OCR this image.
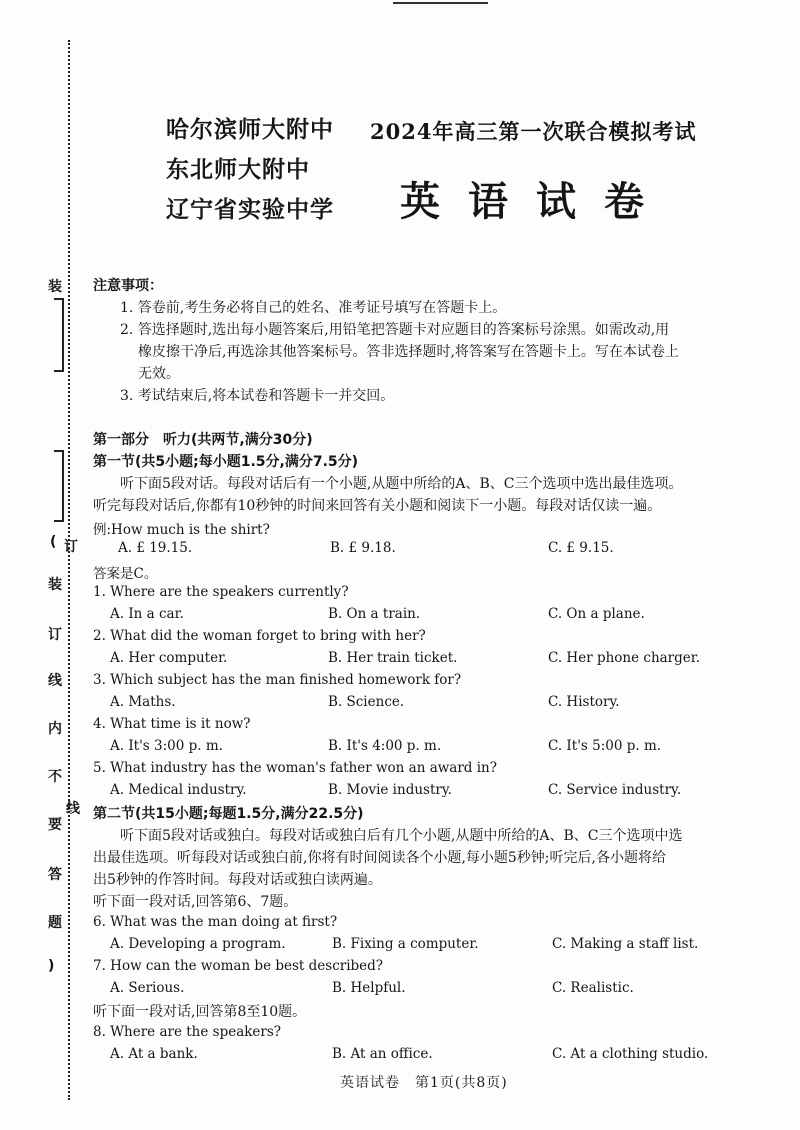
装
( 订
装
订
线
内
不
线
要
答
题
)
哈尔滨师大附中
东北师大附中
辽宁省实验中学
2024年高三第一次联合模拟考试
英语试卷
注意事项：
1. 答卷前,考生务必将自己的姓名、准考证号填写在答题卡上。
2. 答选择题时,选出每小题答案后,用铅笔把答题卡对应题目的答案标号涂黑。如需改动,用
橡皮擦干净后,再选涂其他答案标号。答非选择题时,将答案写在答题卡上。写在本试卷上
无效。
3. 考试结束后,将本试卷和答题卡一并交回。
第一部分　听力(共两节,满分30分)
第一节(共5小题;每小题1.5分,满分7.5分)
听下面5段对话。每段对话后有一个小题,从题中所给的A、B、C三个选项中选出最佳选项。
听完每段对话后,你都有10秒钟的时间来回答有关小题和阅读下一小题。每段对话仅读一遍。
例:How much is the shirt?
A. £ 19.15.	B. £ 9.18.	C. £ 9.15.
答案是C。
1. Where are the speakers currently?
A. In a car.	B. On a train.	C. On a plane.
2. What did the woman forget to bring with her?
A. Her computer.	B. Her train ticket.	C. Her phone charger.
3. Which subject has the man finished homework for?
A. Maths.	B. Science.	C. History.
4. What time is it now?
A. It's 3:00 p. m.	B. It's 4:00 p. m.	C. It's 5:00 p. m.
5. What industry has the woman's father won an award in?
A. Medical industry.	B. Movie industry.	C. Service industry.
第二节(共15小题;每题1.5分,满分22.5分)
听下面5段对话或独白。每段对话或独白后有几个小题,从题中所给的A、B、C三个选项中选
出最佳选项。听每段对话或独白前,你将有时间阅读各个小题,每小题5秒钟;听完后,各小题将给
出5秒钟的作答时间。每段对话或独白读两遍。
听下面一段对话,回答第6、7题。
6. What was the man doing at first?
A. Developing a program.	B. Fixing a computer.	C. Making a staff list.
7. How can the woman be best described?
A. Serious.	B. Helpful.	C. Realistic.
听下面一段对话,回答第8至10题。
8. Where are the speakers?
A. At a bank.	B. At an office.	C. At a clothing studio.
英语试卷　第1页(共8页)
